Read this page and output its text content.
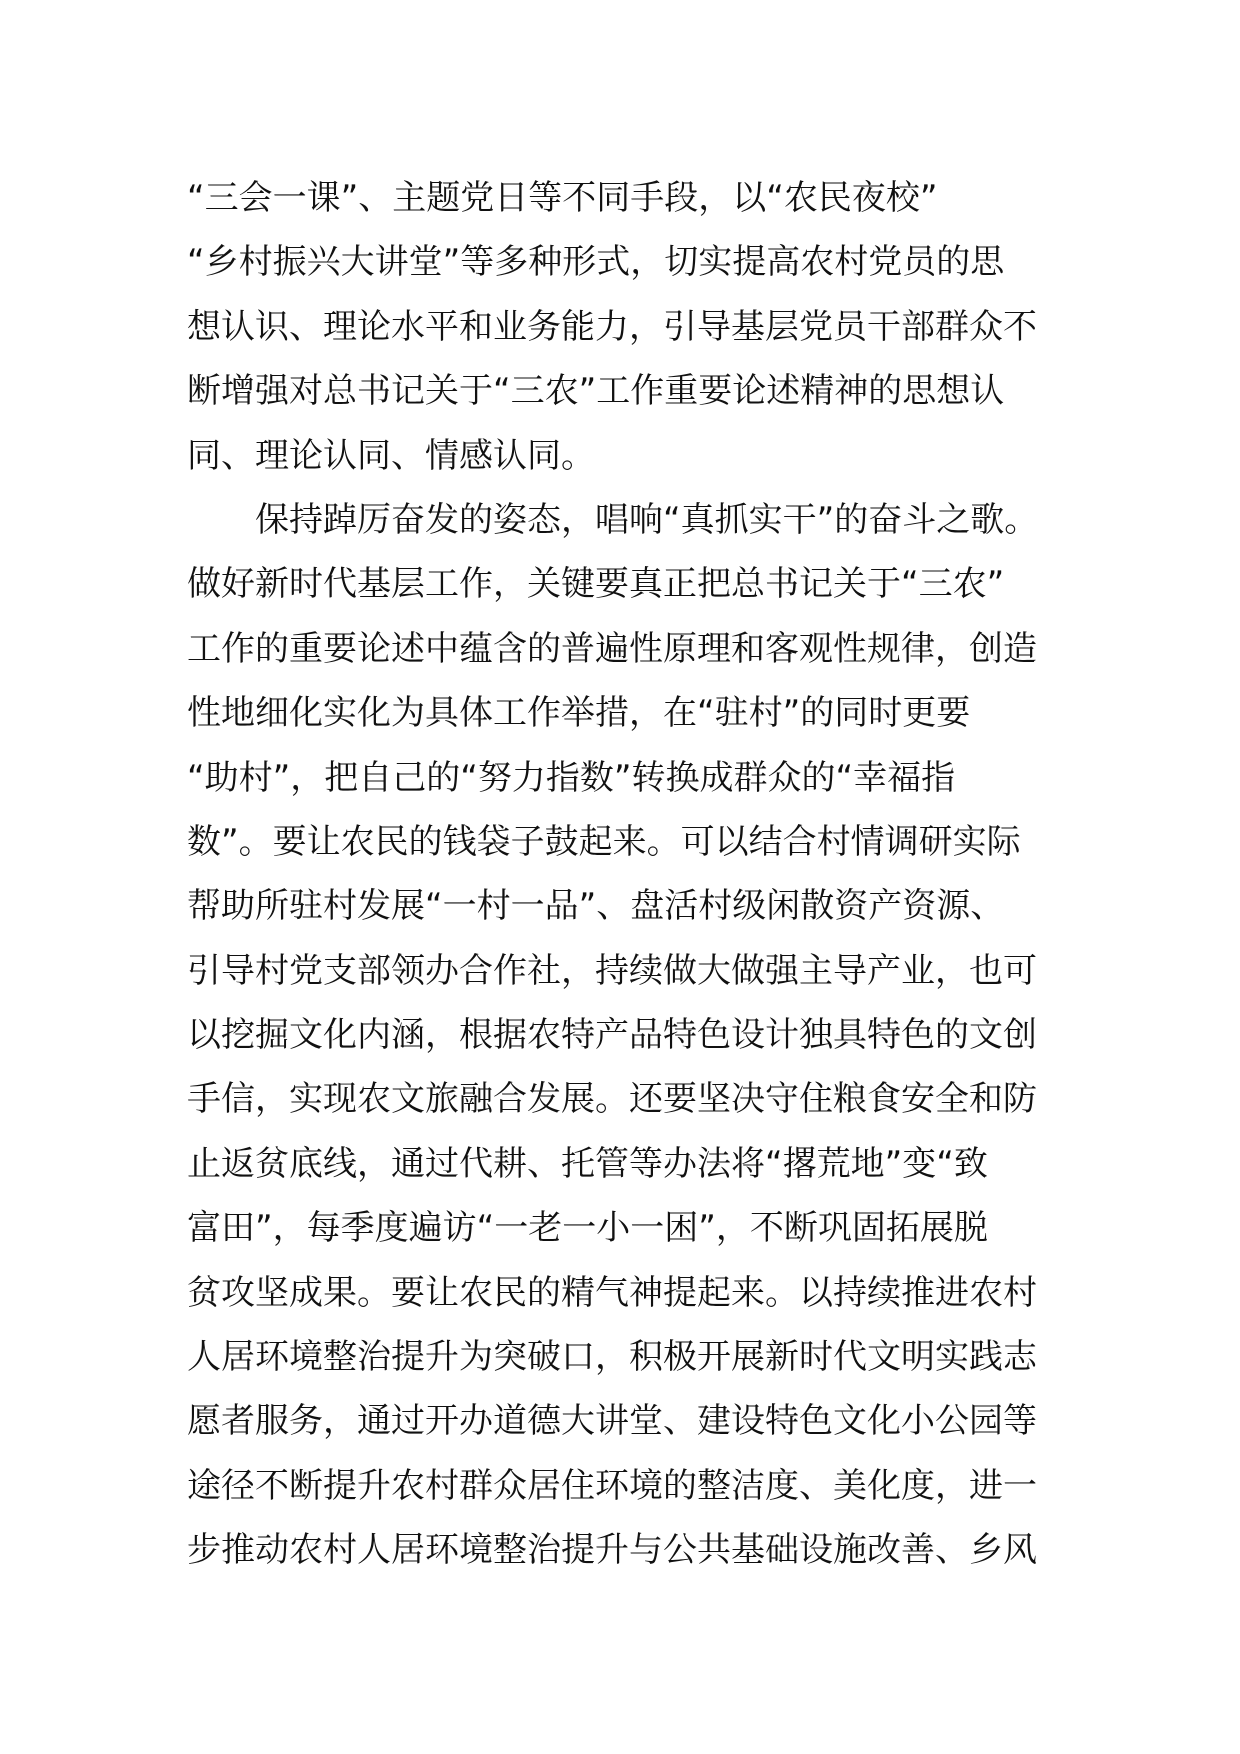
“三会一课”、主题党日等不同手段，以“农民夜校”
“乡村振兴大讲堂”等多种形式，切实提高农村党员的思
想认识、理论水平和业务能力，引导基层党员干部群众不
断增强对总书记关于“三农”工作重要论述精神的思想认
同、理论认同、情感认同。
保持踔厉奋发的姿态，唱响“真抓实干”的奋斗之歌。
做好新时代基层工作，关键要真正把总书记关于“三农”
工作的重要论述中蕴含的普遍性原理和客观性规律，创造
性地细化实化为具体工作举措，在“驻村”的同时更要
“助村”，把自己的“努力指数”转换成群众的“幸福指
数”。要让农民的钱袋子鼓起来。可以结合村情调研实际
帮助所驻村发展“一村一品”、盘活村级闲散资产资源、
引导村党支部领办合作社，持续做大做强主导产业，也可
以挖掘文化内涵，根据农特产品特色设计独具特色的文创
手信，实现农文旅融合发展。还要坚决守住粮食安全和防
止返贫底线，通过代耕、托管等办法将“撂荒地”变“致
富田”，每季度遍访“一老一小一困”，不断巩固拓展脱
贫攻坚成果。要让农民的精气神提起来。以持续推进农村
人居环境整治提升为突破口，积极开展新时代文明实践志
愿者服务，通过开办道德大讲堂、建设特色文化小公园等
途径不断提升农村群众居住环境的整洁度、美化度，进一
步推动农村人居环境整治提升与公共基础设施改善、乡风
